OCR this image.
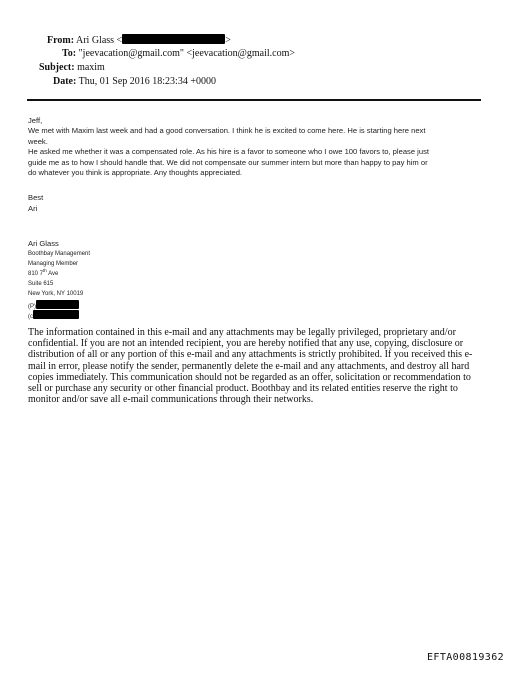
From: Ari Glass <	>
To: "jeevacation@gmail.com" <jeevacation@gmail.com>
Subject: maxim
Date: Thu, 01 Sep 2016 18:23:34 +0000
Jeff,
We met with Maxim last week and had a good conversation. I think he is excited to come here. He is starting here next
week.
He asked me whether it was a compensated role. As his hire is a favor to someone who I owe 100 favors to, please just
guide me as to how I should handle that. We did not compensate our summer intern but more than happy to pay him or
do whatever you think is appropriate. Any thoughts appreciated.
Best
Ari
Ari Glass
Boothbay Management
Managing Member
810 7th Ave
Suite 615
New York, NY 10019
(P)
(c
The information contained in this e-mail and any attachments may be legally privileged, proprietary and/or
confidential. If you are not an intended recipient, you are hereby notified that any use, copying, disclosure or
distribution of all or any portion of this e-mail and any attachments is strictly prohibited. If you received this e-
mail in error, please notify the sender, permanently delete the e-mail and any attachments, and destroy all hard
copies immediately. This communication should not be regarded as an offer, solicitation or recommendation to
sell or purchase any security or other financial product. Boothbay and its related entities reserve the right to
monitor and/or save all e-mail communications through their networks.
EFTA00819362
